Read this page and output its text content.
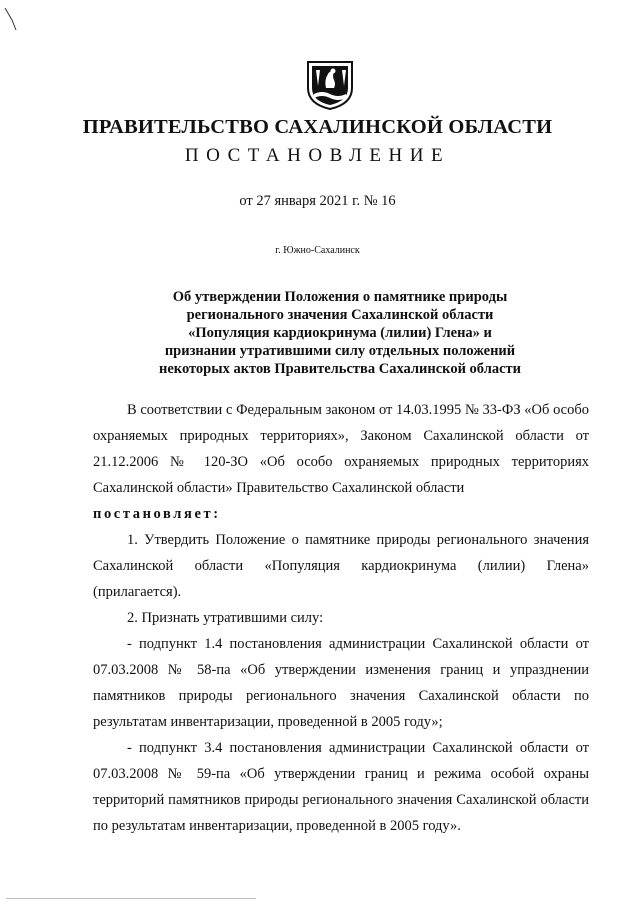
ПРАВИТЕЛЬСТВО САХАЛИНСКОЙ ОБЛАСТИ
ПОСТАНОВЛЕНИЕ
от 27 января 2021 г. № 16
г. Южно-Сахалинск
Об утверждении Положения о памятнике природы
регионального значения Сахалинской области
«Популяция кардиокринума (лилии) Глена» и
признании утратившими силу отдельных положений
некоторых актов Правительства Сахалинской области

В соответствии с Федеральным законом от 14.03.1995 № 33-ФЗ «Об особо охраняемых природных территориях», Законом Сахалинской области от 21.12.2006 № 120-ЗО «Об особо охраняемых природных территориях Сахалинской области» Правительство Сахалинской области

постановляет:

1. Утвердить Положение о памятнике природы регионального значения Сахалинской области «Популяция кардиокринума (лилии) Глена» (прилагается).

2. Признать утратившими силу:

- подпункт 1.4 постановления администрации Сахалинской области от 07.03.2008 № 58-па «Об утверждении изменения границ и упразднении памятников природы регионального значения Сахалинской области по результатам инвентаризации, проведенной в 2005 году»;

- подпункт 3.4 постановления администрации Сахалинской области от 07.03.2008 № 59-па «Об утверждении границ и режима особой охраны территорий памятников природы регионального значения Сахалинской области по результатам инвентаризации, проведенной в 2005 году».
